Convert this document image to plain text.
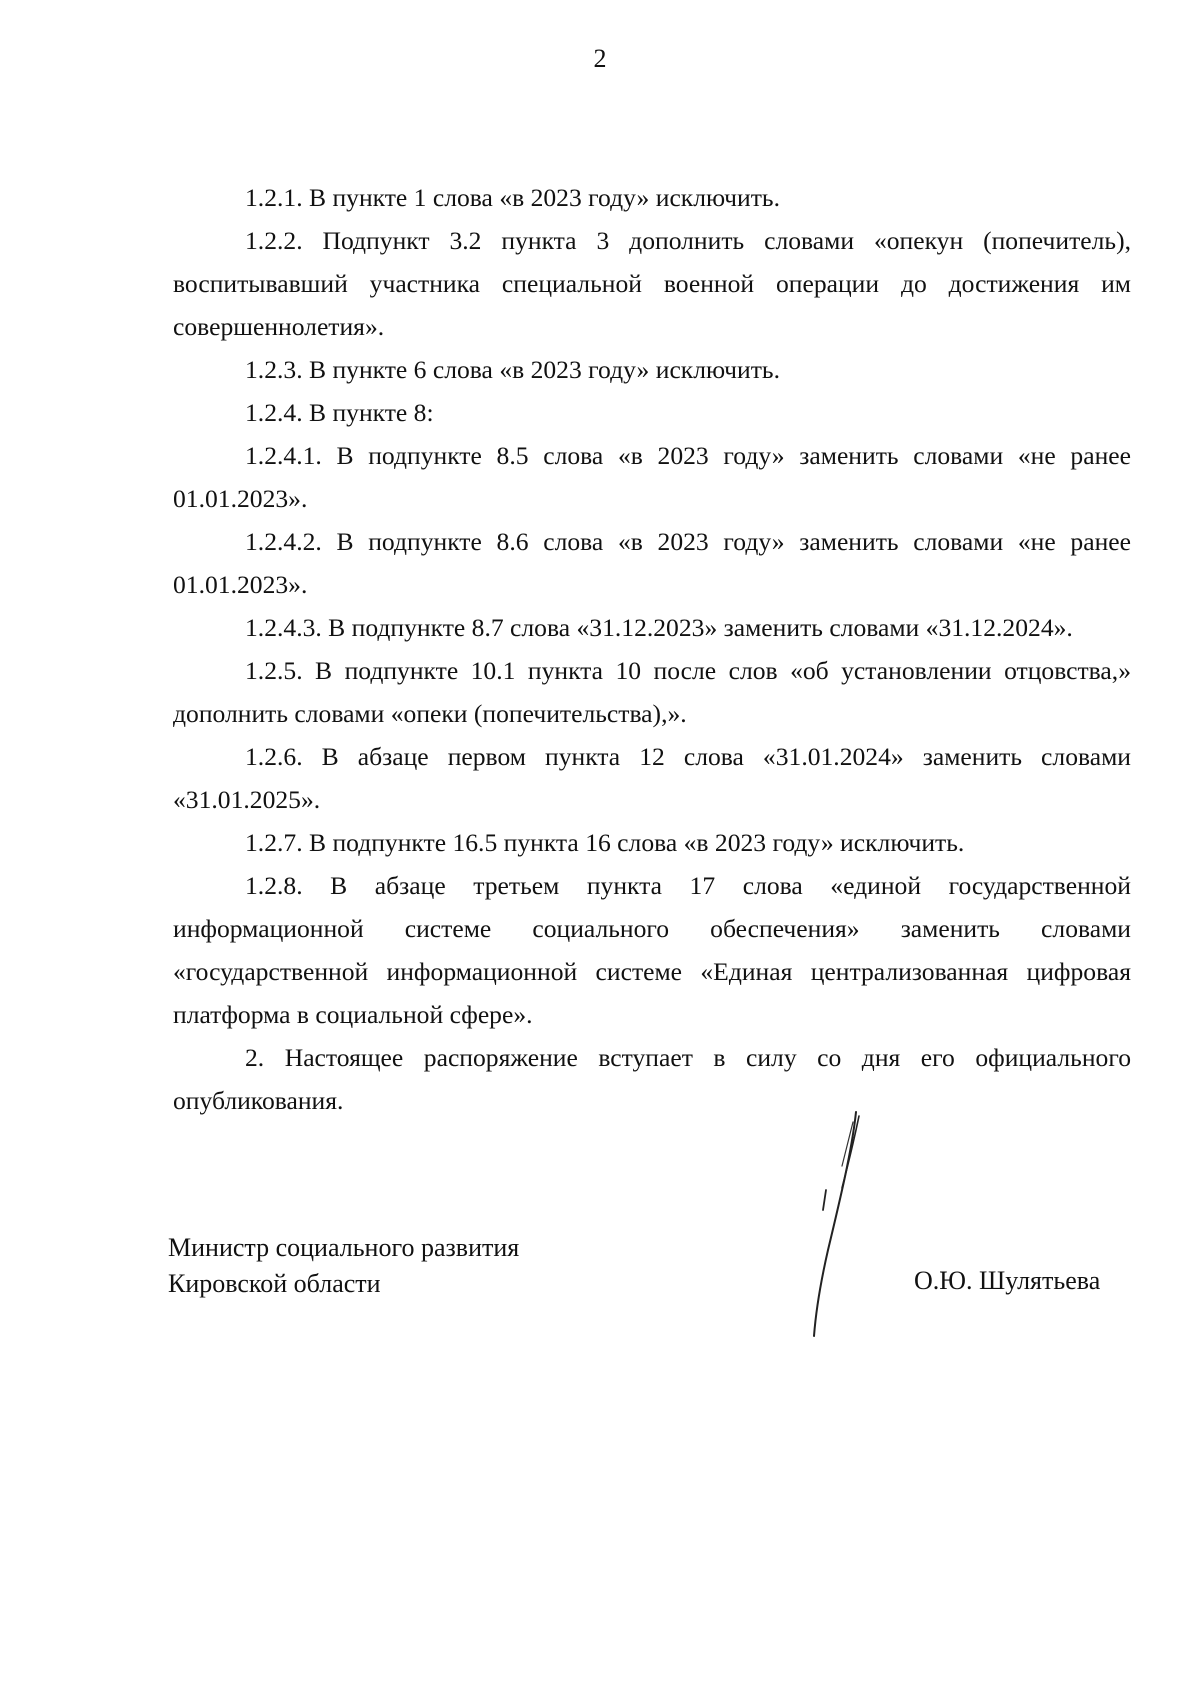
2

1.2.1. В пункте 1 слова «в 2023 году» исключить.

1.2.2. Подпункт 3.2 пункта 3 дополнить словами «опекун (попечитель), воспитывавший участника специальной военной операции до достижения им совершеннолетия».

1.2.3. В пункте 6 слова «в 2023 году» исключить.

1.2.4. В пункте 8:

1.2.4.1. В подпункте 8.5 слова «в 2023 году» заменить словами «не ранее 01.01.2023».

1.2.4.2. В подпункте 8.6 слова «в 2023 году» заменить словами «не ранее 01.01.2023».

1.2.4.3. В подпункте 8.7 слова «31.12.2023» заменить словами «31.12.2024».

1.2.5. В подпункте 10.1 пункта 10 после слов «об установлении отцовства,» дополнить словами «опеки (попечительства),».

1.2.6. В абзаце первом пункта 12 слова «31.01.2024» заменить словами «31.01.2025».

1.2.7. В подпункте 16.5 пункта 16 слова «в 2023 году» исключить.

1.2.8. В абзаце третьем пункта 17 слова «единой государственной информационной системе социального обеспечения» заменить словами «государственной информационной системе «Единая централизованная цифровая платформа в социальной сфере».

2. Настоящее распоряжение вступает в силу со дня его официального опубликования.

Министр социального развития
Кировской области	О.Ю. Шулятьева
